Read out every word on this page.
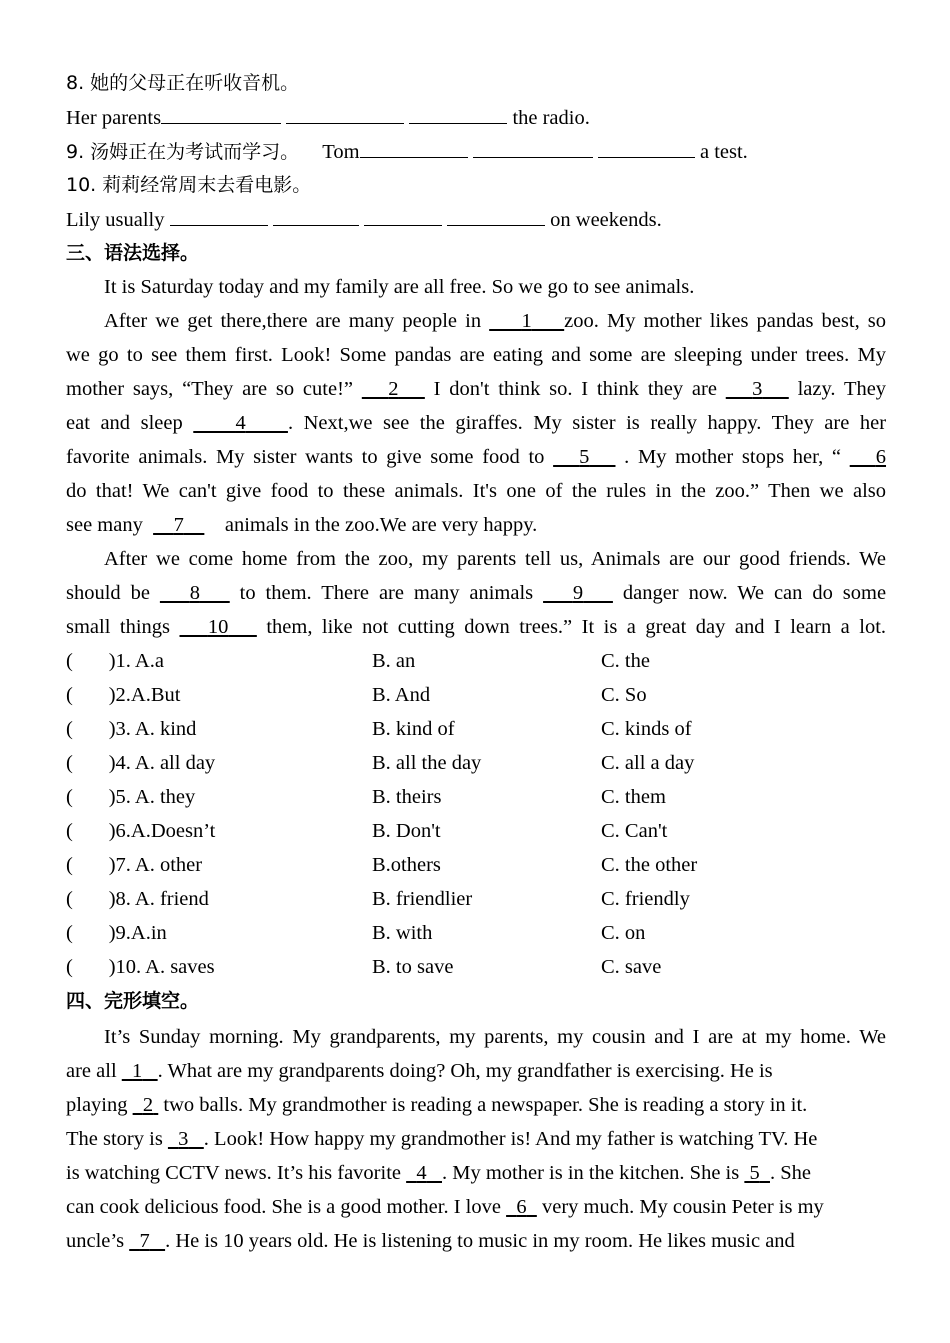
8. 她的父母正在听收音机。
Her parents	the radio.
9. 汤姆正在为考试而学习。 Tom	a test.
10. 莉莉经常周末去看电影。
Lily usually	on weekends.
三、语法选择。
It is Saturday today and my family are all free. So we go to see animals.
After we get there,there are many people in 1 zoo. My mother likes pandas best, so
we go to see them first. Look! Some pandas are eating and some are sleeping under trees. My
mother says, “They are so cute!” 2 I don't think so. I think they are 3 lazy. They
eat and sleep	4 . Next,we see the giraffes. My sister is really happy. They are her
favorite animals. My sister wants to give some food to 5 . My mother stops her, “ 6
do that! We can't give food to these animals. It's one of the rules in the zoo.” Then we also
see many 7 animals in the zoo.We are very happy.
After we come home from the zoo, my parents tell us, Animals are our good friends. We
should be 8 to them. There are many animals 9 danger now. We can do some
small things 10 them, like not cutting down trees.” It is a great day and I learn a lot.
( )1. A.a	B. an	C. the
( )2.A.But	B. And	C. So
( )3. A. kind	B. kind of	C. kinds of
( )4. A. all day	B. all the day	C. all a day
( )5. A. they	B. theirs	C. them
( )6.A.Doesn’t	B. Don't	C. Can't
( )7. A. other	B.others	C. the other
( )8. A. friend	B. friendlier	C. friendly
( )9.A.in	B. with	C. on
( )10. A. saves	B. to save	C. save
四、完形填空。
It’s Sunday morning. My grandparents, my parents, my cousin and I are at my home. We
are all 1 . What are my grandparents doing? Oh, my grandfather is exercising. He is
playing 2 two balls. My grandmother is reading a newspaper. She is reading a story in it.
The story is 3 . Look! How happy my grandmother is! And my father is watching TV. He
is watching CCTV news. It’s his favorite 4 . My mother is in the kitchen. She is 5 . She
can cook delicious food. She is a good mother. I love 6 very much. My cousin Peter is my
uncle’s 7 . He is 10 years old. He is listening to music in my room. He likes music and
